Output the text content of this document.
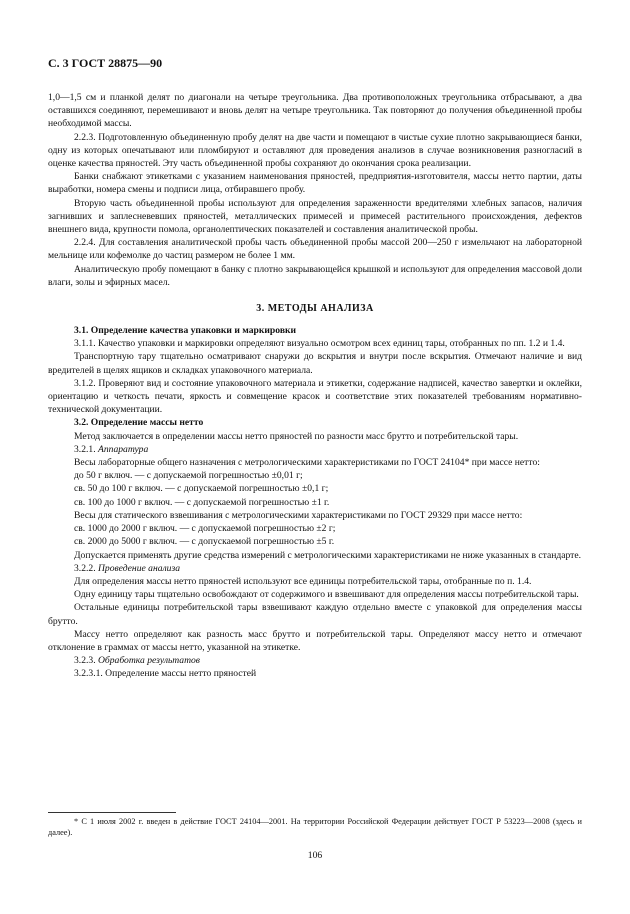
С. 3 ГОСТ 28875—90

1,0—1,5 см и планкой делят по диагонали на четыре треугольника. Два противоположных треугольника отбрасывают, а два оставшихся соединяют, перемешивают и вновь делят на четыре треугольника. Так повторяют до получения объединенной пробы необходимой массы.

2.2.3. Подготовленную объединенную пробу делят на две части и помещают в чистые сухие плотно закрывающиеся банки, одну из которых опечатывают или пломбируют и оставляют для проведения анализов в случае возникновения разногласий в оценке качества пряностей. Эту часть объединенной пробы сохраняют до окончания срока реализации.

Банки снабжают этикетками с указанием наименования пряностей, предприятия-изготовителя, массы нетто партии, даты выработки, номера смены и подписи лица, отбиравшего пробу.

Вторую часть объединенной пробы используют для определения зараженности вредителями хлебных запасов, наличия загнивших и заплесневевших пряностей, металлических примесей и примесей растительного происхождения, дефектов внешнего вида, крупности помола, органолептических показателей и составления аналитической пробы.

2.2.4. Для составления аналитической пробы часть объединенной пробы массой 200—250 г измельчают на лабораторной мельнице или кофемолке до частиц размером не более 1 мм.

Аналитическую пробу помещают в банку с плотно закрывающейся крышкой и используют для определения массовой доли влаги, золы и эфирных масел.

3. МЕТОДЫ АНАЛИЗА

3.1. Определение качества упаковки и маркировки

3.1.1. Качество упаковки и маркировки определяют визуально осмотром всех единиц тары, отобранных по пп. 1.2 и 1.4.

Транспортную тару тщательно осматривают снаружи до вскрытия и внутри после вскрытия. Отмечают наличие и вид вредителей в щелях ящиков и складках упаковочного материала.

3.1.2. Проверяют вид и состояние упаковочного материала и этикетки, содержание надписей, качество завертки и оклейки, ориентацию и четкость печати, яркость и совмещение красок и соответствие этих показателей требованиям нормативно-технической документации.

3.2. Определение массы нетто

Метод заключается в определении массы нетто пряностей по разности масс брутто и потребительской тары.

3.2.1. Аппаратура

Весы лабораторные общего назначения с метрологическими характеристиками по ГОСТ 24104* при массе нетто:

до 50 г включ. — с допускаемой погрешностью ±0,01 г;

св. 50 до 100 г включ. — с допускаемой погрешностью ±0,1 г;

св. 100 до 1000 г включ. — с допускаемой погрешностью ±1 г.

Весы для статического взвешивания с метрологическими характеристиками по ГОСТ 29329 при массе нетто:

св. 1000 до 2000 г включ. — с допускаемой погрешностью ±2 г;

св. 2000 до 5000 г включ. — с допускаемой погрешностью ±5 г.

Допускается применять другие средства измерений с метрологическими характеристиками не ниже указанных в стандарте.

3.2.2. Проведение анализа

Для определения массы нетто пряностей используют все единицы потребительской тары, отобранные по п. 1.4.

Одну единицу тары тщательно освобождают от содержимого и взвешивают для определения массы потребительской тары.

Остальные единицы потребительской тары взвешивают каждую отдельно вместе с упаковкой для определения массы брутто.

Массу нетто определяют как разность масс брутто и потребительской тары. Определяют массу нетто и отмечают отклонение в граммах от массы нетто, указанной на этикетке.

3.2.3. Обработка результатов

3.2.3.1. Определение массы нетто пряностей

* С 1 июля 2002 г. введен в действие ГОСТ 24104—2001. На территории Российской Федерации действует ГОСТ Р 53223—2008 (здесь и далее).
106
